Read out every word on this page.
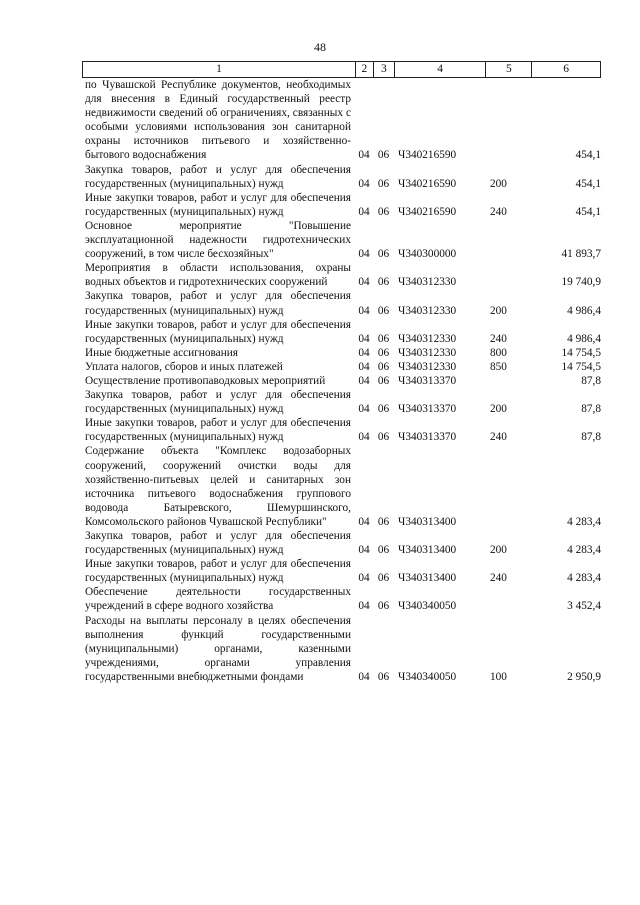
48
1	2	3	4	5	6
по Чувашской Республике документов, необходимых для внесения в Единый государственный реестр недвижимости сведений об ограничениях, связанных с особыми условиями использования зон санитарной охраны источников питьевого и хозяйственно-бытового водоснабжения	04 06 Ч340216590	454,1
Закупка товаров, работ и услуг для обеспечения государственных (муниципальных) нужд	04 06 Ч340216590	200	454,1
Иные закупки товаров, работ и услуг для обеспечения государственных (муниципальных) нужд	04 06 Ч340216590	240	454,1
Основное мероприятие "Повышение эксплуатационной надежности гидротехнических сооружений, в том числе бесхозяйных"	04 06 Ч340300000	41 893,7
Мероприятия в области использования, охраны водных объектов и гидротехнических сооружений	04 06 Ч340312330	19 740,9
Закупка товаров, работ и услуг для обеспечения государственных (муниципальных) нужд	04 06 Ч340312330	200	4 986,4
Иные закупки товаров, работ и услуг для обеспечения государственных (муниципальных) нужд	04 06 Ч340312330	240	4 986,4
Иные бюджетные ассигнования	04 06 Ч340312330	800	14 754,5
Уплата налогов, сборов и иных платежей	04 06 Ч340312330	850	14 754,5
Осуществление противопаводковых мероприятий	04 06 Ч340313370	87,8
Закупка товаров, работ и услуг для обеспечения государственных (муниципальных) нужд	04 06 Ч340313370	200	87,8
Иные закупки товаров, работ и услуг для обеспечения государственных (муниципальных) нужд	04 06 Ч340313370	240	87,8
Содержание объекта "Комплекс водозаборных сооружений, сооружений очистки воды для хозяйственно-питьевых целей и санитарных зон источника питьевого водоснабжения группового водовода Батыревского, Шемуршинского, Комсомольского районов Чувашской Республики"	04 06 Ч340313400	4 283,4
Закупка товаров, работ и услуг для обеспечения государственных (муниципальных) нужд	04 06 Ч340313400	200	4 283,4
Иные закупки товаров, работ и услуг для обеспечения государственных (муниципальных) нужд	04 06 Ч340313400	240	4 283,4
Обеспечение деятельности государственных учреждений в сфере водного хозяйства	04 06 Ч340340050	3 452,4
Расходы на выплаты персоналу в целях обеспечения выполнения функций государственными (муниципальными) органами, казенными учреждениями, органами управления государственными внебюджетными фондами	04 06 Ч340340050	100	2 950,9
